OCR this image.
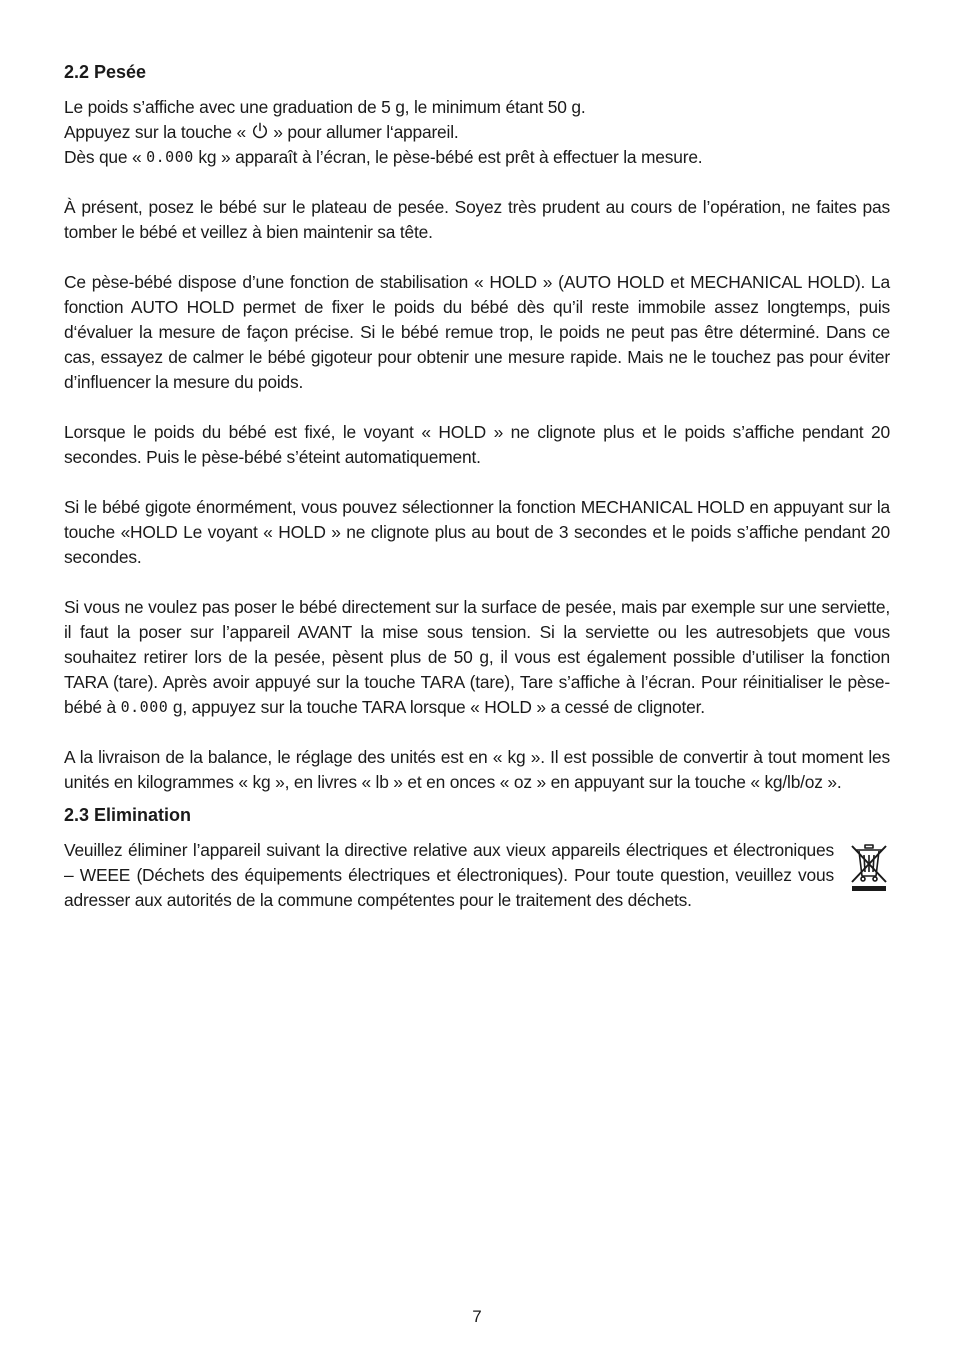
2.2 Pesée

Le poids s’affiche avec une graduation de 5 g, le minimum étant 50 g.
Appuyez sur la touche «  » pour allumer l‘appareil.
Dès que « 0.000 kg » apparaît à l’écran, le pèse-bébé est prêt à effectuer la mesure.

À présent, posez le bébé sur le plateau de pesée. Soyez très prudent au cours de l’opération, ne faites pas tomber le bébé et veillez à bien maintenir sa tête.

Ce pèse-bébé dispose d’une fonction de stabilisation « HOLD » (AUTO HOLD et MECHANICAL HOLD). La fonction AUTO HOLD permet de fixer le poids du bébé dès qu’il reste immobile assez longtemps, puis d‘évaluer la mesure de façon précise. Si le bébé remue trop, le poids ne peut pas être déterminé. Dans ce cas, essayez de calmer le bébé gigoteur pour obtenir une mesure rapide. Mais ne le touchez pas pour éviter d’influencer la mesure du poids.

Lorsque le poids du bébé est fixé, le voyant « HOLD » ne clignote plus et le poids s’affiche pendant 20 secondes. Puis le pèse-bébé s’éteint automatiquement.

Si le bébé gigote énormément, vous pouvez sélectionner la fonction MECHANICAL HOLD en appuyant sur la touche «HOLD Le voyant « HOLD » ne clignote plus au bout de 3 secondes et le poids s’affiche pendant 20 secondes.

Si vous ne voulez pas poser le bébé directement sur la surface de pesée, mais par exemple sur une serviette, il faut la poser sur l’appareil AVANT la mise sous tension. Si la serviette ou les autresobjets que vous souhaitez retirer lors de la pesée, pèsent plus de 50 g, il vous est également possible d’utiliser la fonction TARA (tare). Après avoir appuyé sur la touche TARA (tare), Tare s’affiche à l’écran. Pour réinitialiser le pèse-bébé à 0.000 g, appuyez sur la touche TARA lorsque « HOLD » a cessé de clignoter.

A la livraison de la balance, le réglage des unités est en « kg ». Il est possible de convertir à tout moment les unités en kilogrammes « kg », en livres « lb » et en onces « oz » en appuyant sur la touche « kg/lb/oz ».

2.3 Elimination

Veuillez éliminer l’appareil suivant la directive relative aux vieux appareils électriques et électroniques – WEEE (Déchets des équipements électriques et électroniques). Pour toute question, veuillez vous adresser aux autorités de la commune compétentes pour le traitement des déchets.

7
